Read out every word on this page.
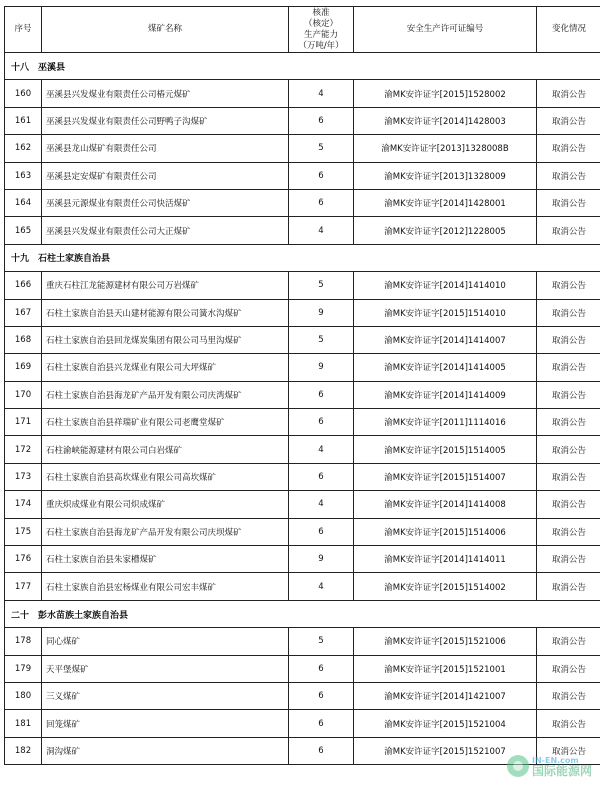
序号	煤矿名称	核准
（核定）
生产能力
（万吨/年）	安全生产许可证编号	变化情况
十八　巫溪县				
160	巫溪县兴发煤业有限责任公司椿元煤矿	4	渝MK安许证字[2015]1528002	取消公告
161	巫溪县兴发煤业有限责任公司野鸭子沟煤矿	6	渝MK安许证字[2014]1428003	取消公告
162	巫溪县龙山煤矿有限责任公司	5	渝MK安许证字[2013]1328008B	取消公告
163	巫溪县定安煤矿有限责任公司	6	渝MK安许证字[2013]1328009	取消公告
164	巫溪县元源煤业有限责任公司快活煤矿	6	渝MK安许证字[2014]1428001	取消公告
165	巫溪县兴发煤业有限责任公司大正煤矿	4	渝MK安许证字[2012]1228005	取消公告
十九　石柱土家族自治县				
166	重庆石柱江龙能源建材有限公司万岩煤矿	5	渝MK安许证字[2014]1414010	取消公告
167	石柱土家族自治县天山建材能源有限公司簧水沟煤矿	9	渝MK安许证字[2015]1514010	取消公告
168	石柱土家族自治县回龙煤炭集团有限公司马里沟煤矿	5	渝MK安许证字[2014]1414007	取消公告
169	石柱土家族自治县兴龙煤业有限公司大坪煤矿	9	渝MK安许证字[2014]1414005	取消公告
170	石柱土家族自治县海龙矿产品开发有限公司庆湾煤矿	6	渝MK安许证字[2014]1414009	取消公告
171	石柱土家族自治县祥瑞矿业有限公司老鹰堂煤矿	6	渝MK安许证字[2011]1114016	取消公告
172	石柱渝峡能源建材有限公司白岩煤矿	4	渝MK安许证字[2015]1514005	取消公告
173	石柱土家族自治县高坎煤业有限公司高坎煤矿	6	渝MK安许证字[2015]1514007	取消公告
174	重庆炽成煤业有限公司炽成煤矿	4	渝MK安许证字[2014]1414008	取消公告
175	石柱土家族自治县海龙矿产品开发有限公司庆坝煤矿	6	渝MK安许证字[2015]1514006	取消公告
176	石柱土家族自治县朱家槽煤矿	9	渝MK安许证字[2014]1414011	取消公告
177	石柱土家族自治县宏杨煤业有限公司宏丰煤矿	4	渝MK安许证字[2015]1514002	取消公告
二十　彭水苗族土家族自治县				
178	同心煤矿	5	渝MK安许证字[2015]1521006	取消公告
179	天平堡煤矿	6	渝MK安许证字[2015]1521001	取消公告
180	三义煤矿	6	渝MK安许证字[2014]1421007	取消公告
181	回笼煤矿	6	渝MK安许证字[2015]1521004	取消公告
182	洞沟煤矿	6	渝MK安许证字[2015]1521007	取消公告
IN-EN.com
国际能源网
